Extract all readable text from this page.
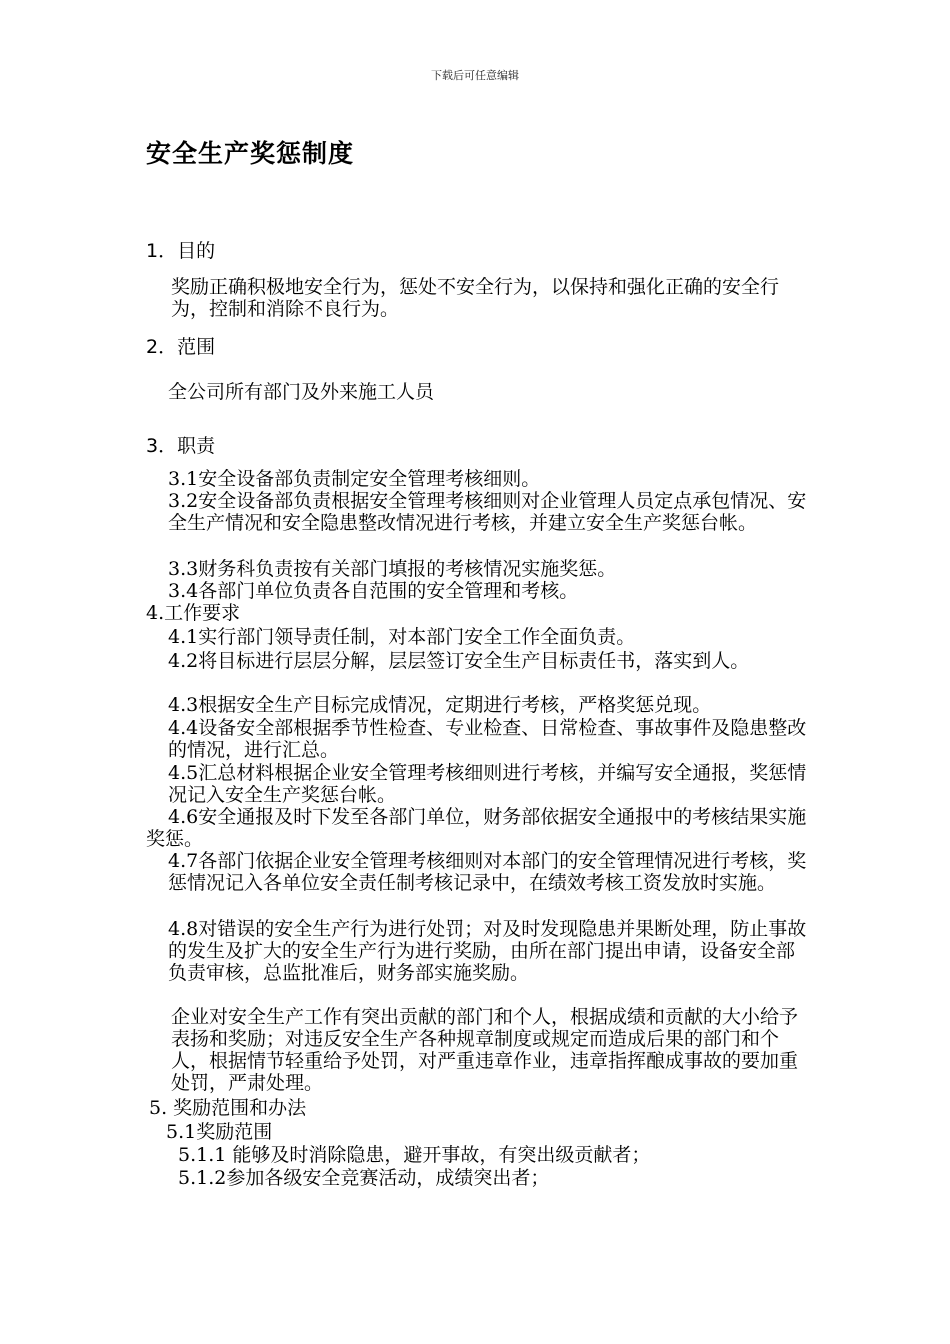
下载后可任意编辑
安全生产奖惩制度

1．目的

奖励正确积极地安全行为，惩处不安全行为，以保持和强化正确的安全行为，控制和消除不良行为。

2．范围

全公司所有部门及外来施工人员

3．职责

3.1安全设备部负责制定安全管理考核细则。

3.2安全设备部负责根据安全管理考核细则对企业管理人员定点承包情况、安全生产情况和安全隐患整改情况进行考核，并建立安全生产奖惩台帐。

3.3财务科负责按有关部门填报的考核情况实施奖惩。

3.4各部门单位负责各自范围的安全管理和考核。

4.工作要求

4.1实行部门领导责任制，对本部门安全工作全面负责。

4.2将目标进行层层分解，层层签订安全生产目标责任书，落实到人。

4.3根据安全生产目标完成情况，定期进行考核，严格奖惩兑现。

4.4设备安全部根据季节性检查、专业检查、日常检查、事故事件及隐患整改的情况，进行汇总。

4.5汇总材料根据企业安全管理考核细则进行考核，并编写安全通报，奖惩情况记入安全生产奖惩台帐。

4.6安全通报及时下发至各部门单位，财务部依据安全通报中的考核结果实施奖惩。

4.7各部门依据企业安全管理考核细则对本部门的安全管理情况进行考核，奖惩情况记入各单位安全责任制考核记录中，在绩效考核工资发放时实施。

4.8对错误的安全生产行为进行处罚；对及时发现隐患并果断处理，防止事故的发生及扩大的安全生产行为进行奖励，由所在部门提出申请，设备安全部负责审核，总监批准后，财务部实施奖励。

企业对安全生产工作有突出贡献的部门和个人，根据成绩和贡献的大小给予表扬和奖励；对违反安全生产各种规章制度或规定而造成后果的部门和个人，根据情节轻重给予处罚，对严重违章作业，违章指挥酿成事故的要加重处罚，严肃处理。

5. 奖励范围和办法

5.1奖励范围

5.1.1 能够及时消除隐患，避开事故，有突出级贡献者；

5.1.2参加各级安全竞赛活动，成绩突出者；
